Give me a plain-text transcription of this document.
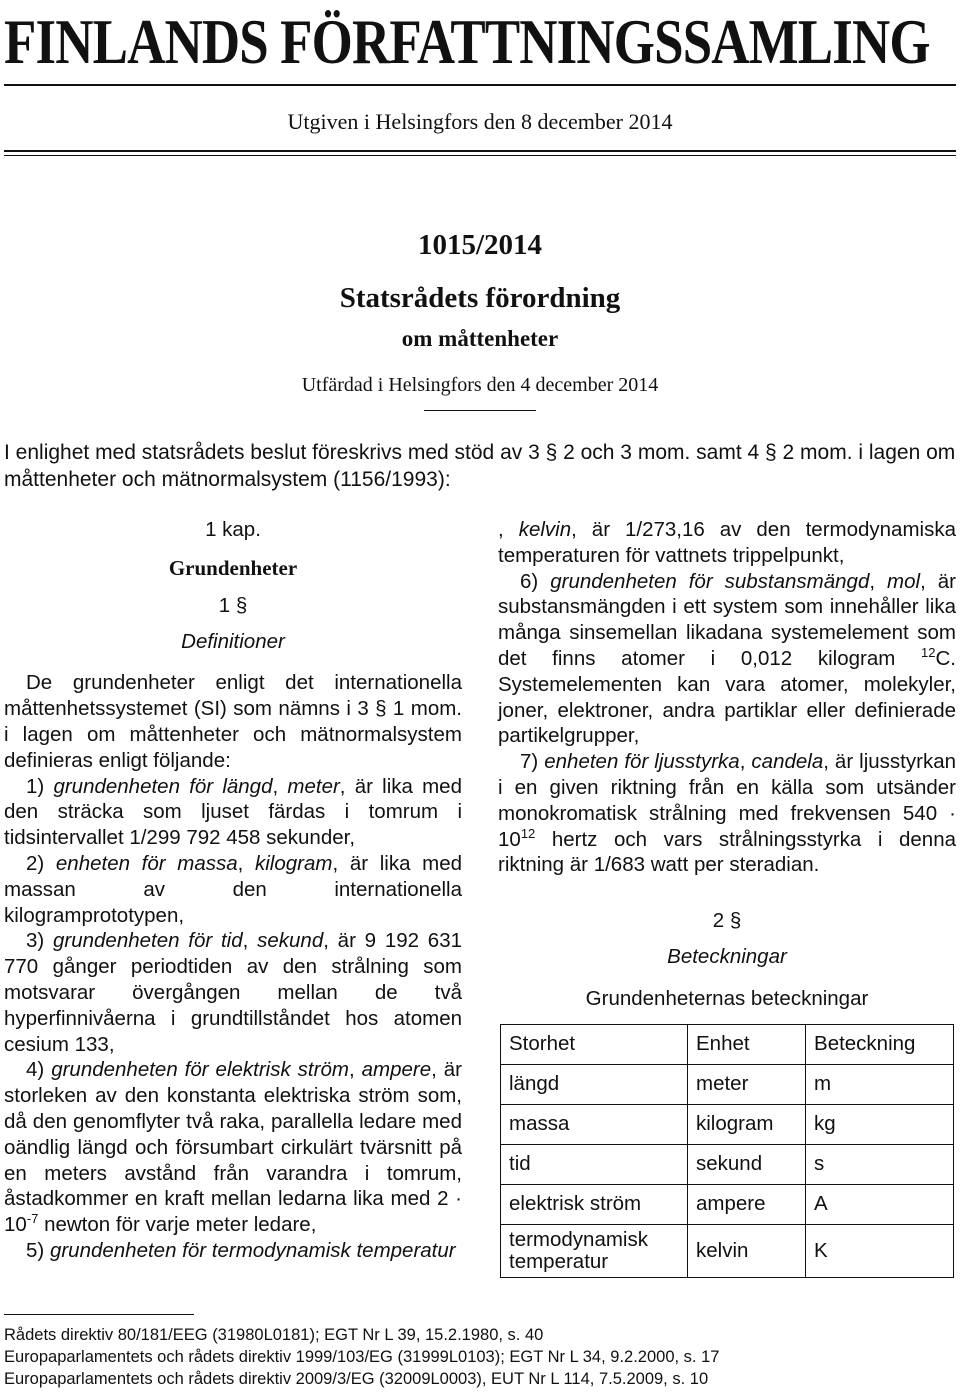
FINLANDS FÖRFATTNINGSSAMLING
Utgiven i Helsingfors den 8 december 2014
1015/2014
Statsrådets förordning
om måttenheter
Utfärdad i Helsingfors den 4 december 2014
I enlighet med statsrådets beslut föreskrivs med stöd av 3 § 2 och 3 mom. samt 4 § 2 mom. i lagen om måttenheter och mätnormalsystem (1156/1993):

1 kap.

Grundenheter

1 §

Definitioner

De grundenheter enligt det internationella måttenhetssystemet (SI) som nämns i 3 § 1 mom. i lagen om måttenheter och mätnormalsystem definieras enligt följande:

1) grundenheten för längd, meter, är lika med den sträcka som ljuset färdas i tomrum i tidsintervallet 1/299 792 458 sekunder,

2) enheten för massa, kilogram, är lika med massan av den internationella kilogramprototypen,

3) grundenheten för tid, sekund, är 9 192 631 770 gånger periodtiden av den strålning som motsvarar övergången mellan de två hyperfinnivåerna i grundtillståndet hos atomen cesium 133,

4) grundenheten för elektrisk ström, ampere, är storleken av den konstanta elektriska ström som, då den genomflyter två raka, parallella ledare med oändlig längd och försumbart cirkulärt tvärsnitt på en meters avstånd från varandra i tomrum, åstadkommer en kraft mellan ledarna lika med $2 \cdot 10^{-7}$ newton för varje meter ledare,

5) grundenheten för termodynamisk temperatur

, kelvin, är 1/273,16 av den termodynamiska temperaturen för vattnets trippelpunkt,

6) grundenheten för substansmängd, mol, är substansmängden i ett system som innehåller lika många sinsemellan likadana systemelement som det finns atomer i 0,012 kilogram $^{12}$C. Systemelementen kan vara atomer, molekyler, joner, elektroner, andra partiklar eller definierade partikelgrupper,

7) enheten för ljusstyrka, candela, är ljusstyrkan i en given riktning från en källa som utsänder monokromatisk strålning med frekvensen $540 \cdot 10^{12}$ hertz och vars strålningsstyrka i denna riktning är 1/683 watt per steradian.

2 §

Beteckningar

Grundenheternas beteckningar

Storhet	Enhet	Beteckning
längd	meter	m
massa	kilogram	kg
tid	sekund	s
elektrisk ström	ampere	A
termodynamisk temperatur	kelvin	K
Rådets direktiv 80/181/EEG (31980L0181); EGT Nr L 39, 15.2.1980, s. 40
Europaparlamentets och rådets direktiv 1999/103/EG (31999L0103); EGT Nr L 34, 9.2.2000, s. 17
Europaparlamentets och rådets direktiv 2009/3/EG (32009L0003), EUT Nr L 114, 7.5.2009, s. 10
